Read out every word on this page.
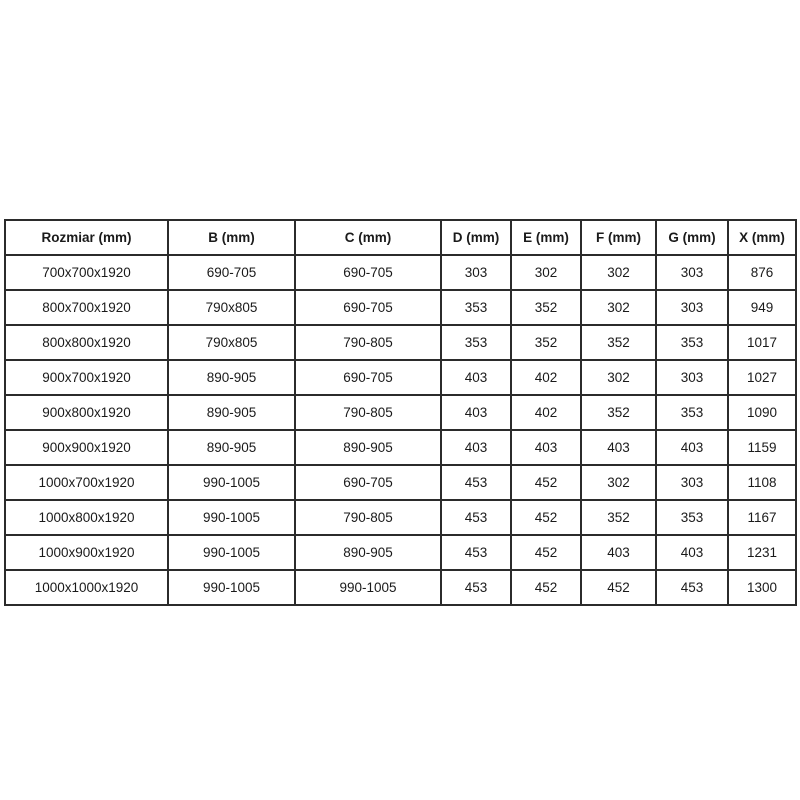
Rozmiar (mm)	B (mm)	C (mm)	D (mm)	E (mm)	F (mm)	G (mm)	X (mm)
700x700x1920	690-705	690-705	303	302	302	303	876
800x700x1920	790x805	690-705	353	352	302	303	949
800x800x1920	790x805	790-805	353	352	352	353	1017
900x700x1920	890-905	690-705	403	402	302	303	1027
900x800x1920	890-905	790-805	403	402	352	353	1090
900x900x1920	890-905	890-905	403	403	403	403	1159
1000x700x1920	990-1005	690-705	453	452	302	303	1108
1000x800x1920	990-1005	790-805	453	452	352	353	1167
1000x900x1920	990-1005	890-905	453	452	403	403	1231
1000x1000x1920	990-1005	990-1005	453	452	452	453	1300
